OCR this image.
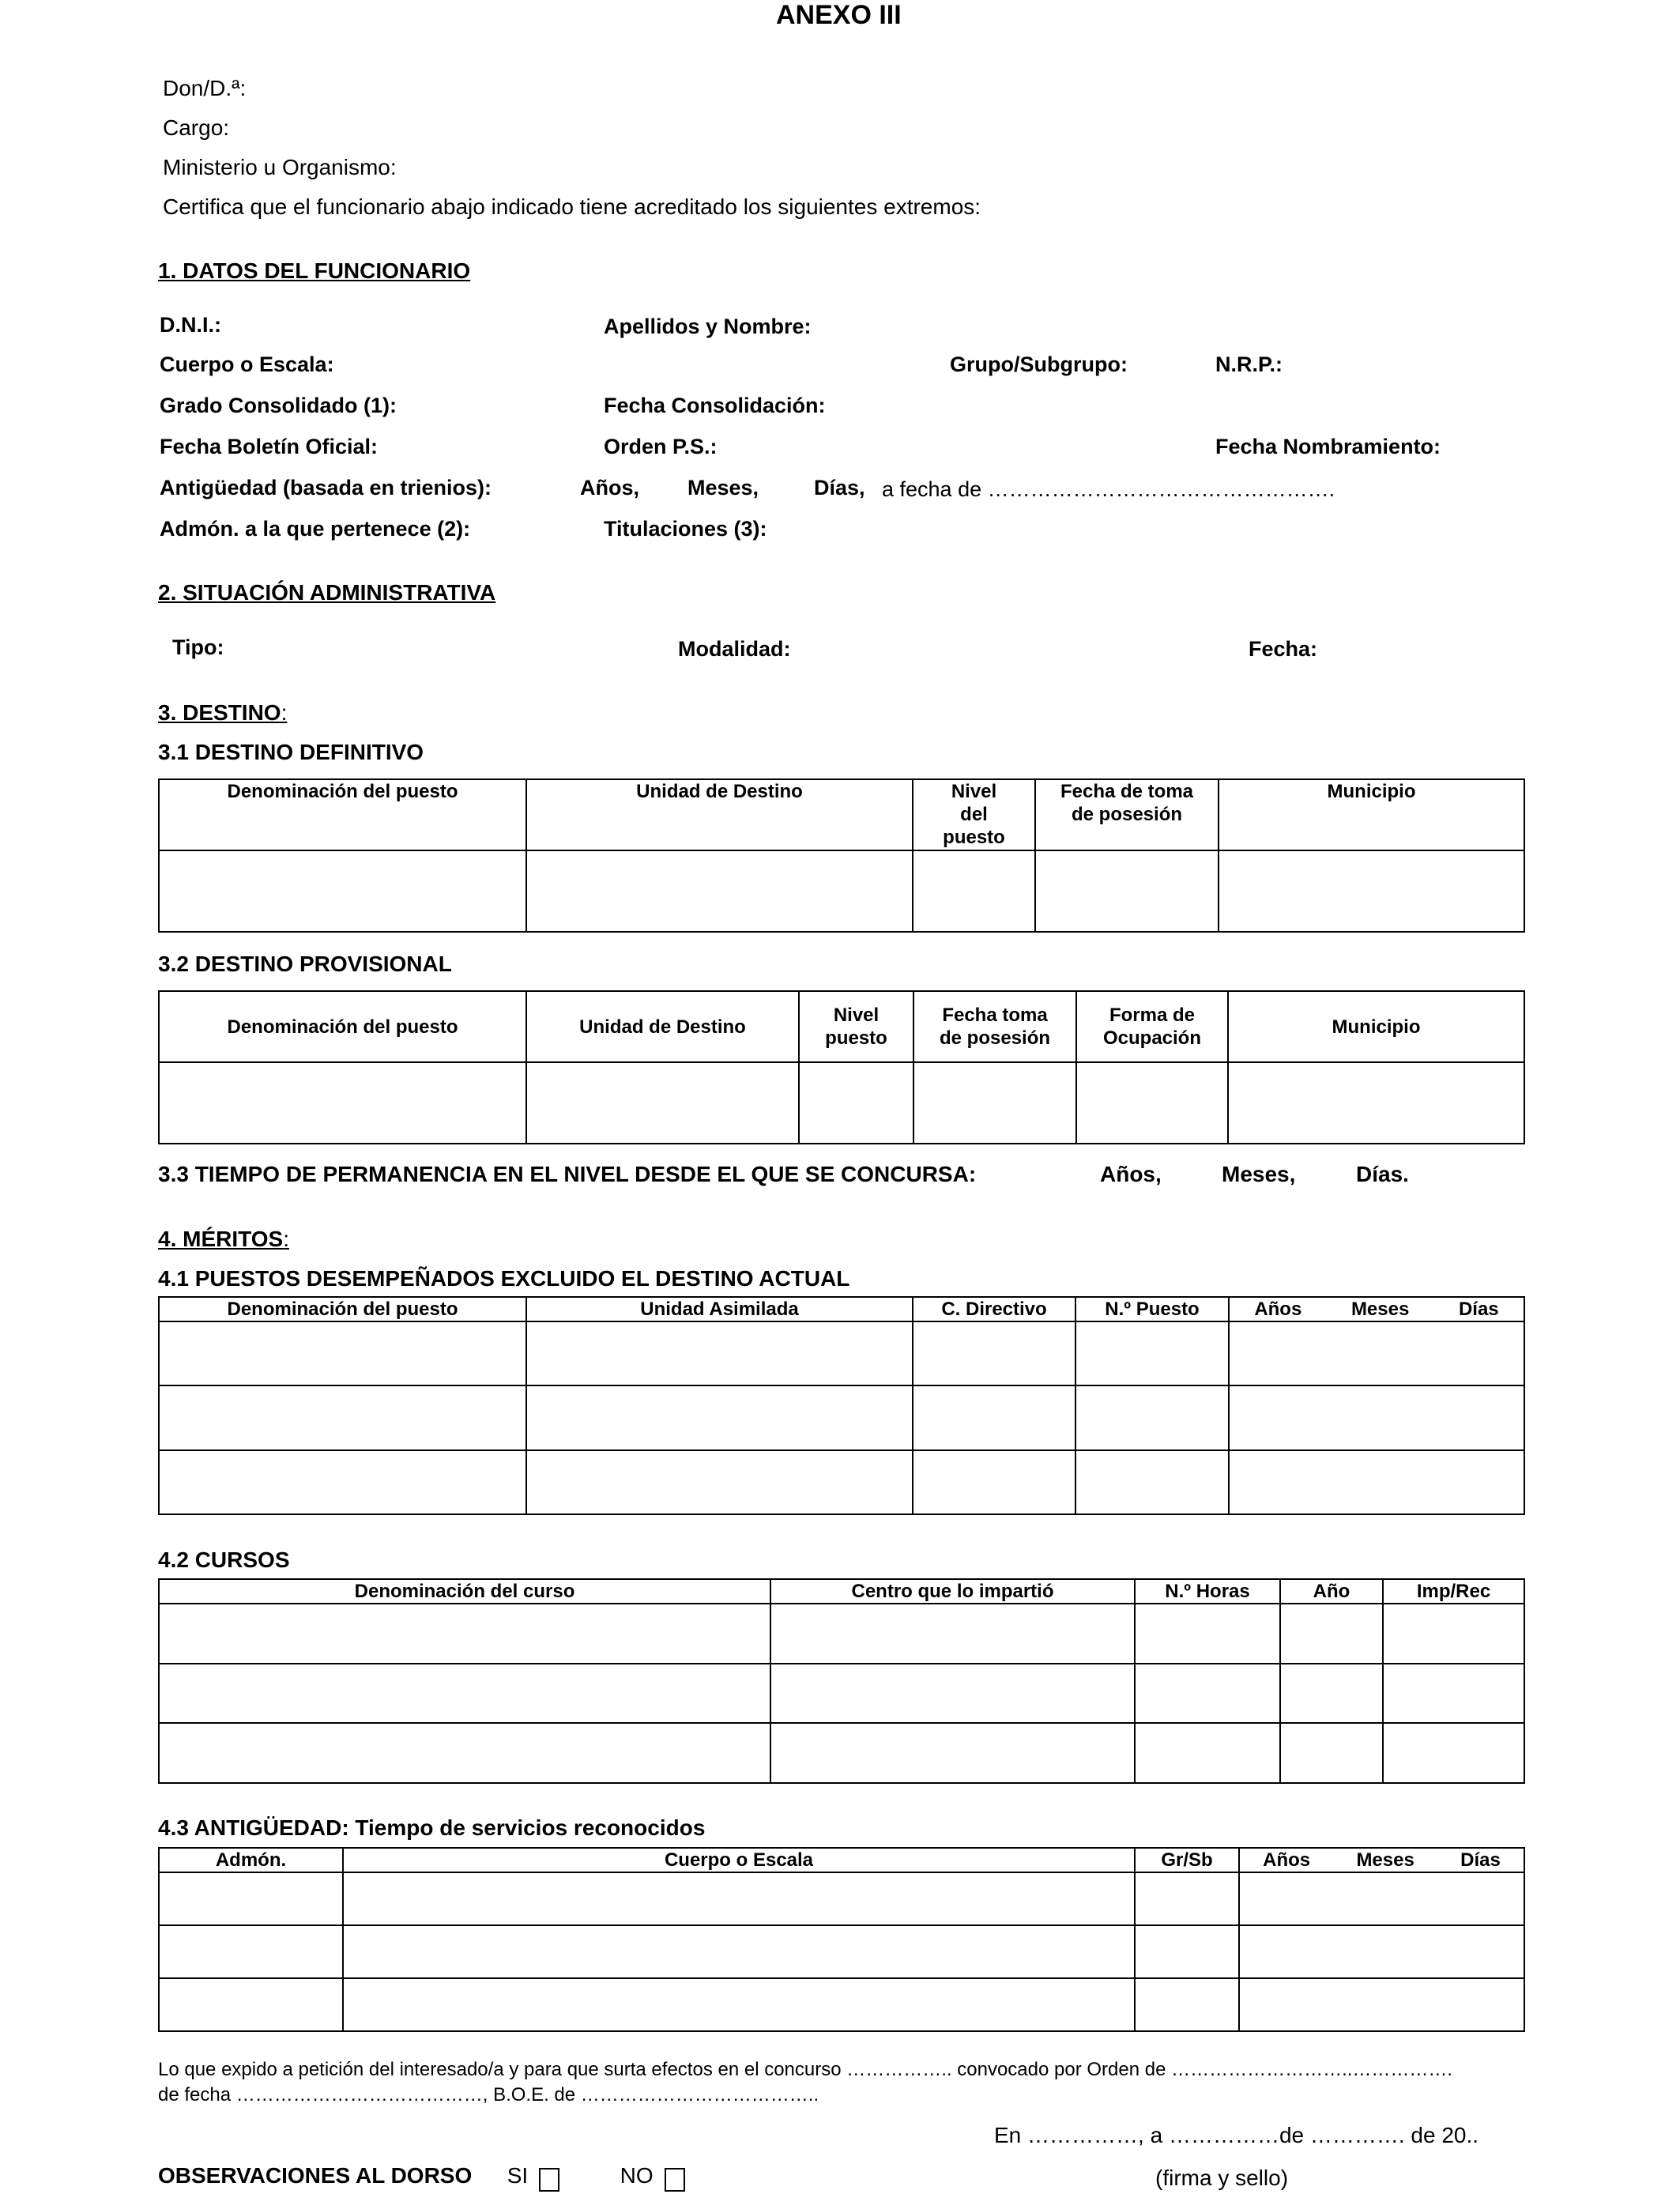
ANEXO III
Don/D.ª:
Cargo:
Ministerio u Organismo:
Certifica que el funcionario abajo indicado tiene acreditado los siguientes extremos:
1. DATOS DEL FUNCIONARIO
D.N.I.:	Apellidos y Nombre:
Cuerpo o Escala:	Grupo/Subgrupo:	N.R.P.:
Grado Consolidado (1):	Fecha Consolidación:
Fecha Boletín Oficial:	Orden P.S.:	Fecha Nombramiento:
Antigüedad (basada en trienios):	Años, Meses,	Días, a fecha de ………………………………………….
Admón. a la que pertenece (2):	Titulaciones (3):
2. SITUACIÓN ADMINISTRATIVA
Tipo:	Modalidad:	Fecha:
3. DESTINO:
3.1 DESTINO DEFINITIVO
Denominación del puesto	Unidad de Destino	Nivel del puesto	Fecha de toma de posesión	Municipio

3.2 DESTINO PROVISIONAL
Denominación del puesto	Unidad de Destino	Nivel puesto	Fecha toma de posesión	Forma de Ocupación	Municipio

3.3 TIEMPO DE PERMANENCIA EN EL NIVEL DESDE EL QUE SE CONCURSA:	Años,	Meses,	Días.
4. MÉRITOS:
4.1 PUESTOS DESEMPEÑADOS EXCLUIDO EL DESTINO ACTUAL
Denominación del puesto	Unidad Asimilada	C. Directivo	N.º Puesto	Años Meses Días

4.2 CURSOS
Denominación del curso	Centro que lo impartió	N.º Horas	Año	Imp/Rec

4.3 ANTIGÜEDAD: Tiempo de servicios reconocidos
Admón.	Cuerpo o Escala	Gr/Sb	Años Meses Días

Lo que expido a petición del interesado/a y para que surta efectos en el concurso …………….. convocado por Orden de ………………………..…………….
de fecha …………………………………, B.O.E. de ………………………………..
En ……………, a ……………de …………. de 20..
OBSERVACIONES AL DORSO SI	NO	(firma y sello)
